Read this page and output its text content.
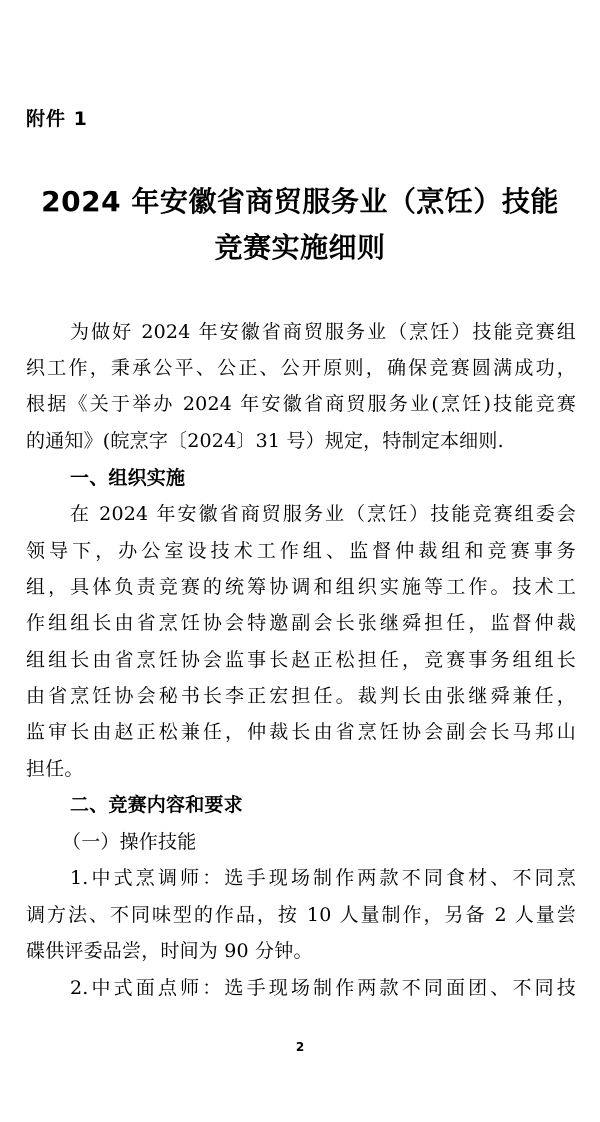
附件 1
2024 年安徽省商贸服务业（烹饪）技能
竞赛实施细则
为做好 2024 年安徽省商贸服务业（烹饪）技能竞赛组
织工作，秉承公平、公正、公开原则，确保竞赛圆满成功，
根据《关于举办 2024 年安徽省商贸服务业(烹饪)技能竞赛
的通知》(皖烹字〔2024〕31 号）规定，特制定本细则.
一、组织实施
在 2024 年安徽省商贸服务业（烹饪）技能竞赛组委会
领导下，办公室设技术工作组、监督仲裁组和竞赛事务
组，具体负责竞赛的统筹协调和组织实施等工作。技术工
作组组长由省烹饪协会特邀副会长张继舜担任，监督仲裁
组组长由省烹饪协会监事长赵正松担任，竞赛事务组组长
由省烹饪协会秘书长李正宏担任。裁判长由张继舜兼任，
监审长由赵正松兼任，仲裁长由省烹饪协会副会长马邦山
担任。
二、竞赛内容和要求
（一）操作技能
1.中式烹调师：选手现场制作两款不同食材、不同烹
调方法、不同味型的作品，按 10 人量制作，另备 2 人量尝
碟供评委品尝，时间为 90 分钟。
2.中式面点师：选手现场制作两款不同面团、不同技
2
